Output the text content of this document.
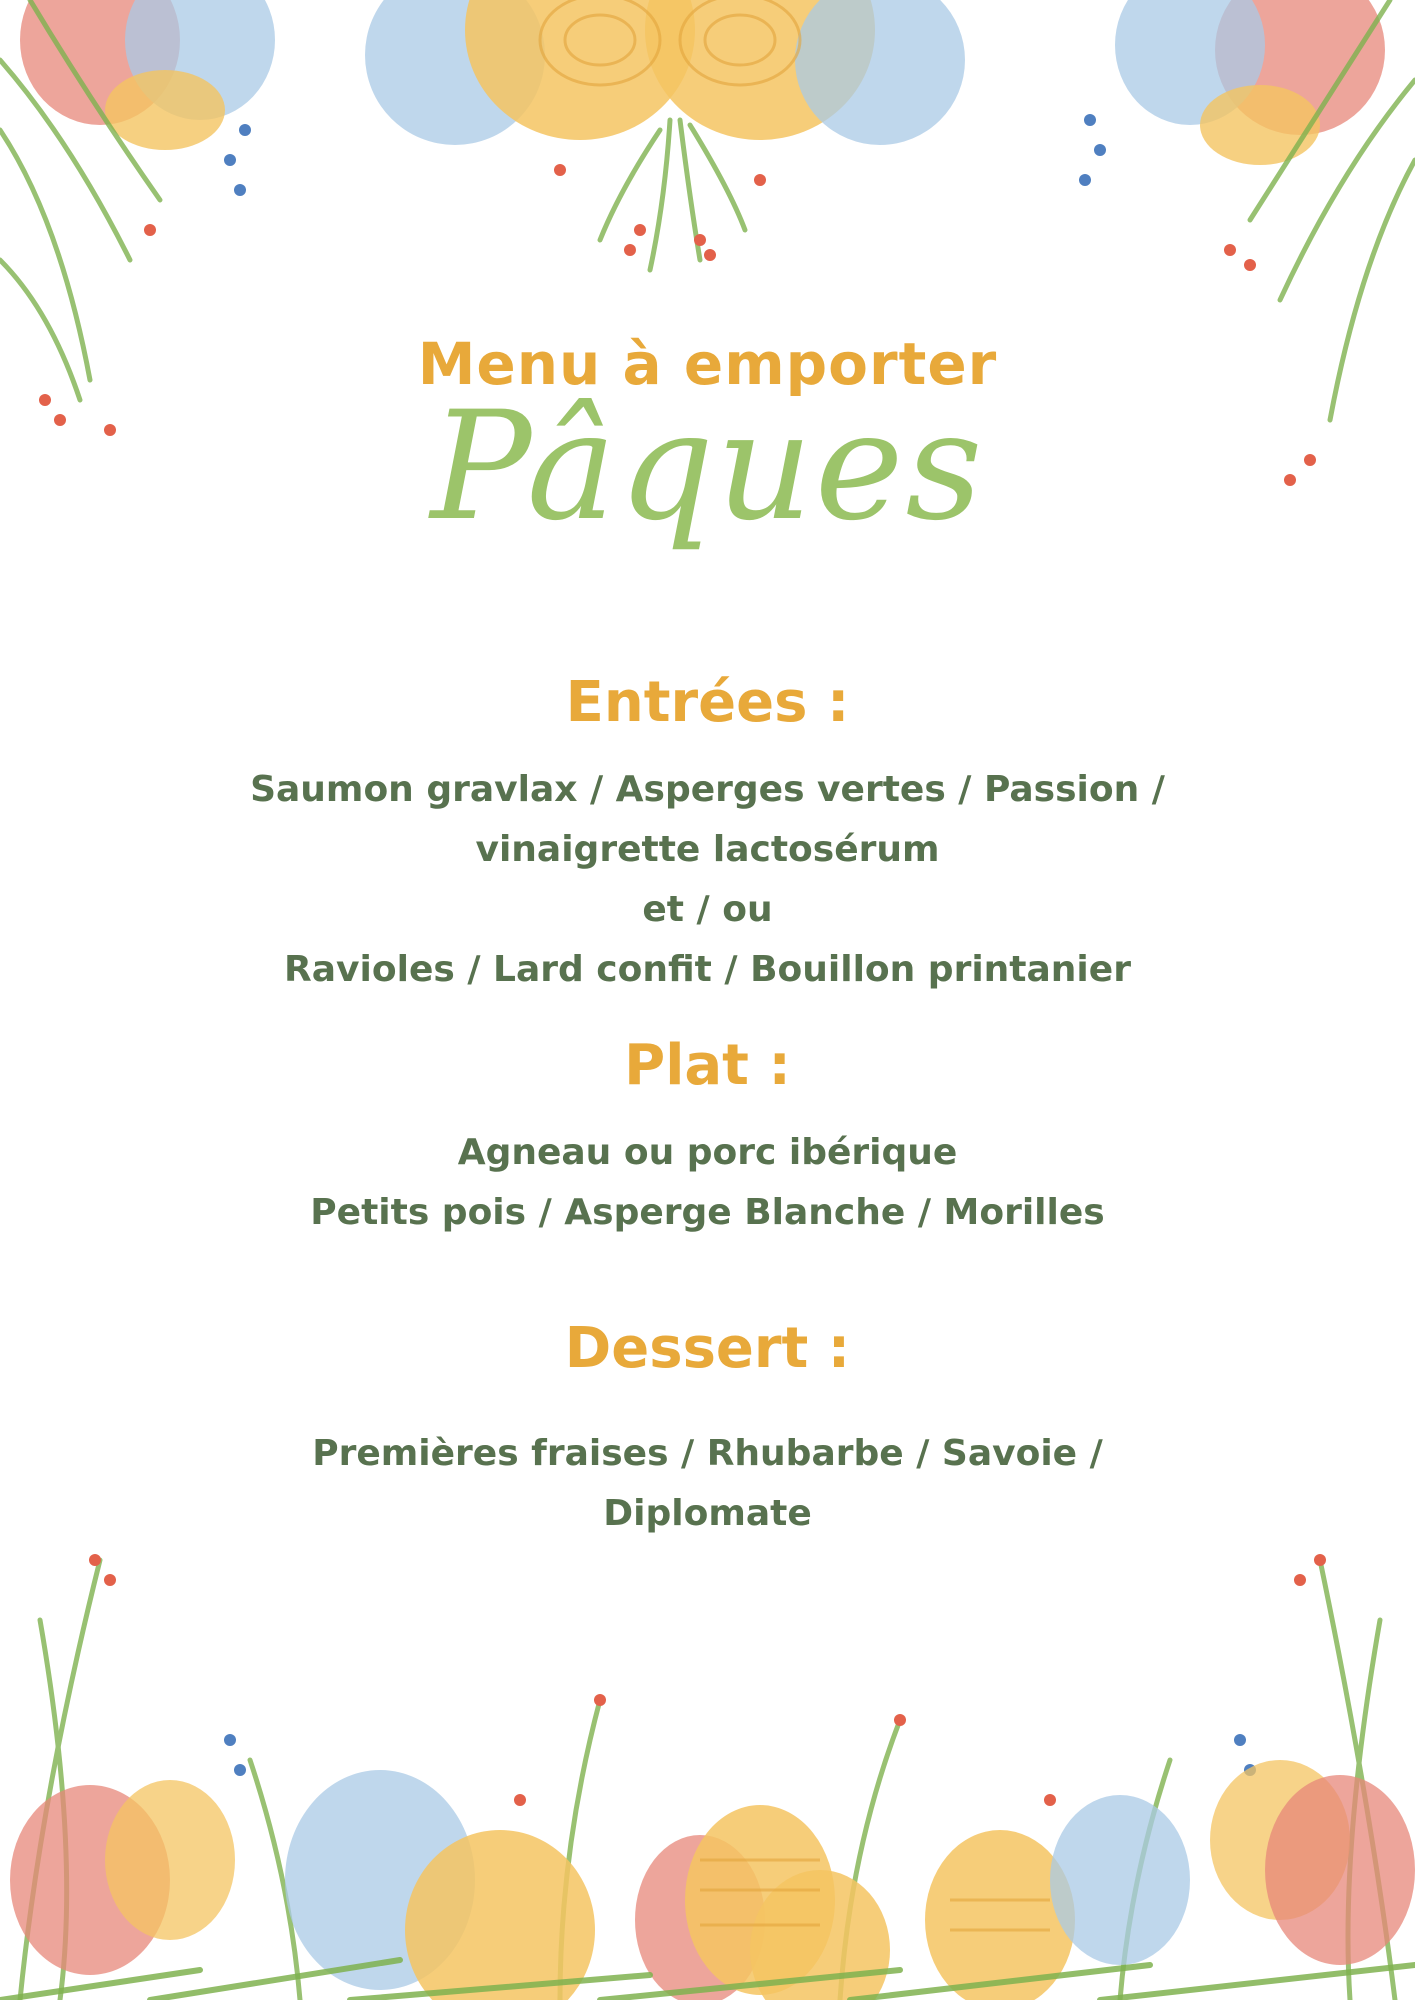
Menu à emporter
Pâques
Entrées :
Saumon gravlax / Asperges vertes / Passion /
vinaigrette lactosérum
et / ou
Ravioles / Lard confit / Bouillon printanier
Plat :
Agneau ou porc ibérique
Petits pois / Asperge Blanche / Morilles
Dessert :
Premières fraises / Rhubarbe / Savoie /
Diplomate
